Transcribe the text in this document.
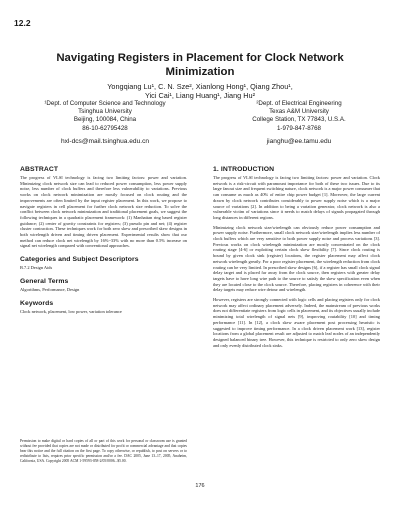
12.2
Navigating Registers in Placement for Clock Network Minimization
Yongqiang Lu¹, C. N. Sze², Xianlong Hong¹, Qiang Zhou¹,
Yici Cai¹, Liang Huang¹, Jiang Hu²
¹Dept. of Computer Science and Technology
Tsinghua University
Beijing, 100084, China
86-10-62795428
hxl-dcs@mail.tsinghua.edu.cn
²Dept. of Electrical Engineering
Texas A&M University
College Station, TX 77843, U.S.A.
1-979-847-8768
jianghu@ee.tamu.edu
ABSTRACT

The progress of VLSI technology is facing two limiting factors: power and variation. Minimizing clock network size can lead to reduced power consumption, less power supply noise, less number of clock buffers and therefore less vulnerability to variations. Previous works on clock network minimization are mostly focused on clock routing and the improvements are often limited by the input register placement. In this work, we propose to navigate registers in cell placement for further clock network size reduction. To solve the conflict between clock network minimization and traditional placement goals, we suggest the following techniques in a quadratic placement framework: (1) Manhattan ring based register guidance; (2) center of gravity constraints for registers; (3) pseudo pin and net; (4) register cluster contraction. These techniques work for both zero skew and prescribed skew designs in both wirelength driven and timing driven placement. Experimental results show that our method can reduce clock net wirelength by 16%~33% with no more than 0.5% increase on signal net wirelength compared with conventional approaches.

Categories and Subject Descriptors

B.7.2 Design Aids

General Terms

Algorithms, Performance, Design

Keywords

Clock network, placement, low power, variation tolerance

Permission to make digital or hard copies of all or part of this work for personal or classroom use is granted without fee provided that copies are not made or distributed for profit or commercial advantage and that copies bear this notice and the full citation on the first page. To copy otherwise, or republish, to post on servers or to redistribute to lists, requires prior specific permission and/or a fee. DAC 2005, June 13–17, 2005, Anaheim, California, USA. Copyright 2005 ACM 1-59593-058-2/05/0006...$5.00.
1. INTRODUCTION

The progress of VLSI technology is facing two limiting factors: power and variation. Clock network is a risk-circuit with paramount importance for both of these two issues. Due to its large fanout size and frequent switching nature, clock network is a major power consumer that can consume as much as 40% of entire chip power budget [1]. Moreover, the large current drawn by clock network contributes considerably to power supply noise which is a major source of variations [2]. In addition to being a variation generator, clock network is also a vulnerable victim of variations since it needs to match delays of signals propagated through long distances in different regions.

Minimizing clock network size/wirelength can obviously reduce power consumption and power supply noise. Furthermore, small clock network size/wirelength implies less number of clock buffers which are very sensitive to both power supply noise and process variations [3]. Previous works on clock wirelength minimization are mostly concentrated on the clock routing stage [4-6] or exploiting certain clock skew flexibility [7]. Since clock routing is bound by given clock sink (register) locations, the register placement may affect clock network wirelength greatly. For a poor register placement, the wirelength reduction from clock routing can be very limited. In prescribed skew designs [6], if a register has small clock signal delay target and is placed far away from the clock source, then registers with greater delay targets have to have long wire path to the source to satisfy the skew specification even when they are located close to the clock source. Therefore, placing registers in coherence with their delay targets may reduce wire detour and wirelength.

However, registers are strongly connected with logic cells and placing registers only for clock network may affect ordinary placement adversely. Indeed, the mainstream of previous works does not differentiate registers from logic cells in placement, and its objectives usually include minimizing total wirelength of signal nets [9], improving routability [10] and timing performance [11]. In [12], a clock skew aware placement post processing heuristic is suggested to improve timing performance. In a clock driven placement work [13], register locations from a global placement result are adjusted to match leaf nodes of an independently designed balanced binary tree. However, this technique is restricted to only zero skew design and only evenly distributed clock sinks.

176
